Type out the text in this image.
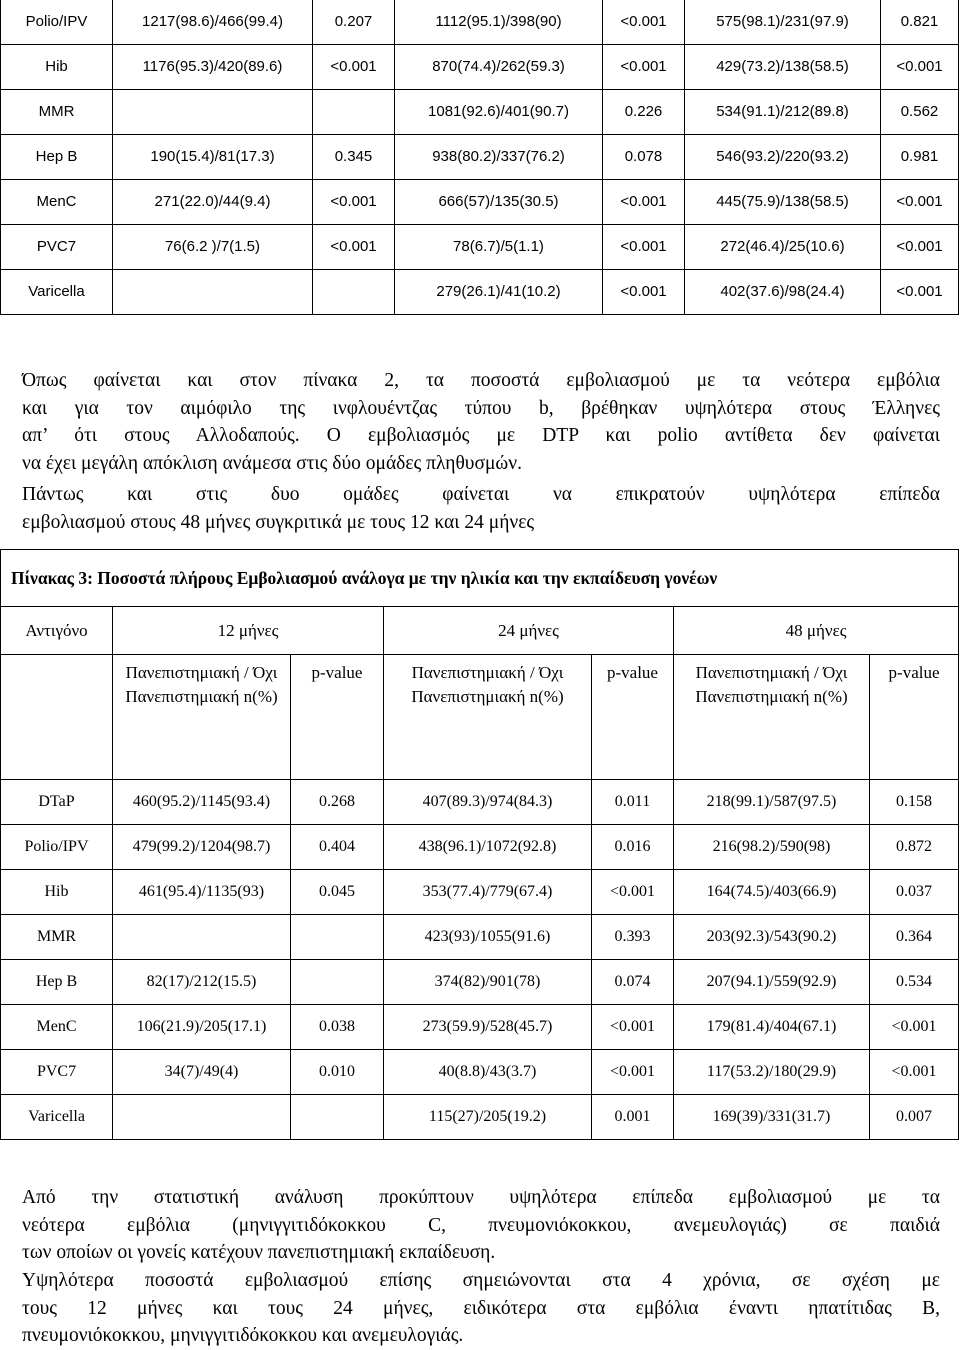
Polio/IPV	1217(98.6)/466(99.4)	0.207	1112(95.1)/398(90)	<0.001	575(98.1)/231(97.9)	0.821
Hib	1176(95.3)/420(89.6)	<0.001	870(74.4)/262(59.3)	<0.001	429(73.2)/138(58.5)	<0.001
MMR			1081(92.6)/401(90.7)	0.226	534(91.1)/212(89.8)	0.562
Hep B	190(15.4)/81(17.3)	0.345	938(80.2)/337(76.2)	0.078	546(93.2)/220(93.2)	0.981
MenC	271(22.0)/44(9.4)	<0.001	666(57)/135(30.5)	<0.001	445(75.9)/138(58.5)	<0.001
PVC7	76(6.2 )/7(1.5)	<0.001	78(6.7)/5(1.1)	<0.001	272(46.4)/25(10.6)	<0.001
Varicella			279(26.1)/41(10.2)	<0.001	402(37.6)/98(24.4)	<0.001
Όπως φαίνεται και στον πίνακα 2, τα ποσοστά εμβολιασμού με τα νεότερα εμβόλια
και για τον αιμόφιλο της ινφλουέντζας τύπου b, βρέθηκαν υψηλότερα στους Έλληνες
απ’ ότι στους Αλλοδαπούς. Ο εμβολιασμός με DTP και polio αντίθετα δεν φαίνεται
να έχει μεγάλη απόκλιση ανάμεσα στις δύο ομάδες πληθυσμών.
Πάντως και στις δυο ομάδες φαίνεται να επικρατούν υψηλότερα επίπεδα
εμβολιασμού στους 48 μήνες συγκριτικά με τους 12 και 24 μήνες
Πίνακας 3: Ποσοστά πλήρους Εμβολιασμού ανάλογα με την ηλικία και την εκπαίδευση γονέων						
Αντιγόνο	12 μήνες		24 μήνες		48 μήνες	
	Πανεπιστημιακή / Όχι Πανεπιστημιακή n(%)	p-value	Πανεπιστημιακή / Όχι Πανεπιστημιακή n(%)	p-value	Πανεπιστημιακή / Όχι Πανεπιστημιακή n(%)	p-value
DTaP	460(95.2)/1145(93.4)	0.268	407(89.3)/974(84.3)	0.011	218(99.1)/587(97.5)	0.158
Polio/IPV	479(99.2)/1204(98.7)	0.404	438(96.1)/1072(92.8)	0.016	216(98.2)/590(98)	0.872
Hib	461(95.4)/1135(93)	0.045	353(77.4)/779(67.4)	<0.001	164(74.5)/403(66.9)	0.037
MMR			423(93)/1055(91.6)	0.393	203(92.3)/543(90.2)	0.364
Hep B	82(17)/212(15.5)		374(82)/901(78)	0.074	207(94.1)/559(92.9)	0.534
MenC	106(21.9)/205(17.1)	0.038	273(59.9)/528(45.7)	<0.001	179(81.4)/404(67.1)	<0.001
PVC7	34(7)/49(4)	0.010	40(8.8)/43(3.7)	<0.001	117(53.2)/180(29.9)	<0.001
Varicella			115(27)/205(19.2)	0.001	169(39)/331(31.7)	0.007
Από την στατιστική ανάλυση προκύπτουν υψηλότερα επίπεδα εμβολιασμού με τα
νεότερα εμβόλια (μηνιγγιτιδόκοκκου C, πνευμονιόκοκκου, ανεμευλογιάς) σε παιδιά
των οποίων οι γονείς κατέχουν πανεπιστημιακή εκπαίδευση.
Υψηλότερα ποσοστά εμβολιασμού επίσης σημειώνονται στα 4 χρόνια, σε σχέση με
τους 12 μήνες και τους 24 μήνες, ειδικότερα στα εμβόλια έναντι ηπατίτιδας Β,
πνευμονιόκοκκου, μηνιγγιτιδόκοκκου και ανεμευλογιάς.
